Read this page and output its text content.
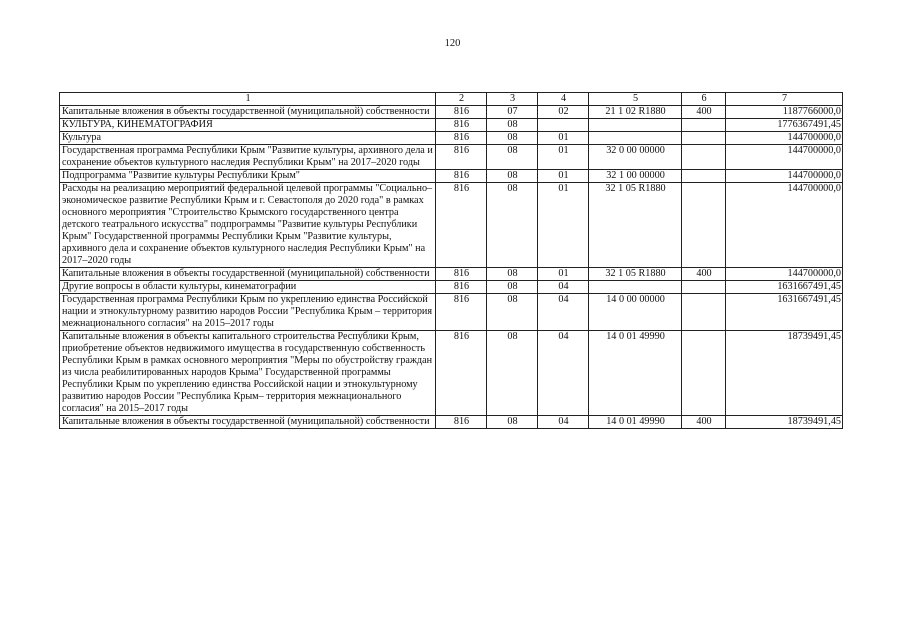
120
1	2	3	4	5	6	7
Капитальные вложения в объекты государственной (муниципальной) собственности	816	07	02	21 1 02 R1880	400	1187766000,0
КУЛЬТУРА, КИНЕМАТОГРАФИЯ	816	08				1776367491,45
Культура	816	08	01			144700000,0
Государственная программа Республики Крым "Развитие культуры, архивного дела и сохранение объектов культурного наследия Республики Крым" на 2017–2020 годы	816	08	01	32 0 00 00000		144700000,0
Подпрограмма "Развитие культуры Республики Крым"	816	08	01	32 1 00 00000		144700000,0
Расходы на реализацию мероприятий федеральной целевой программы "Социально–экономическое развитие Республики Крым и г. Севастополя до 2020 года" в рамках основного мероприятия "Строительство Крымского государственного центра детского театрального искусства" подпрограммы "Развитие культуры Республики Крым" Государственной программы Республики Крым "Развитие культуры, архивного дела и сохранение объектов культурного наследия Республики Крым" на 2017–2020 годы	816	08	01	32 1 05 R1880		144700000,0
Капитальные вложения в объекты государственной (муниципальной) собственности	816	08	01	32 1 05 R1880	400	144700000,0
Другие вопросы в области культуры, кинематографии	816	08	04			1631667491,45
Государственная программа Республики Крым по укреплению единства Российской нации и этнокультурному развитию народов России "Республика Крым – территория межнационального согласия" на 2015–2017 годы	816	08	04	14 0 00 00000		1631667491,45
Капитальные вложения в объекты капитального строительства Республики Крым, приобретение объектов недвижимого имущества в государственную собственность Республики Крым в рамках основного мероприятия "Меры по обустройству граждан из числа реабилитированных народов Крыма" Государственной программы Республики Крым по укреплению единства Российской нации и этнокультурному развитию народов России "Республика Крым– территория межнационального согласия" на 2015–2017 годы	816	08	04	14 0 01 49990		18739491,45
Капитальные вложения в объекты государственной (муниципальной) собственности	816	08	04	14 0 01 49990	400	18739491,45
